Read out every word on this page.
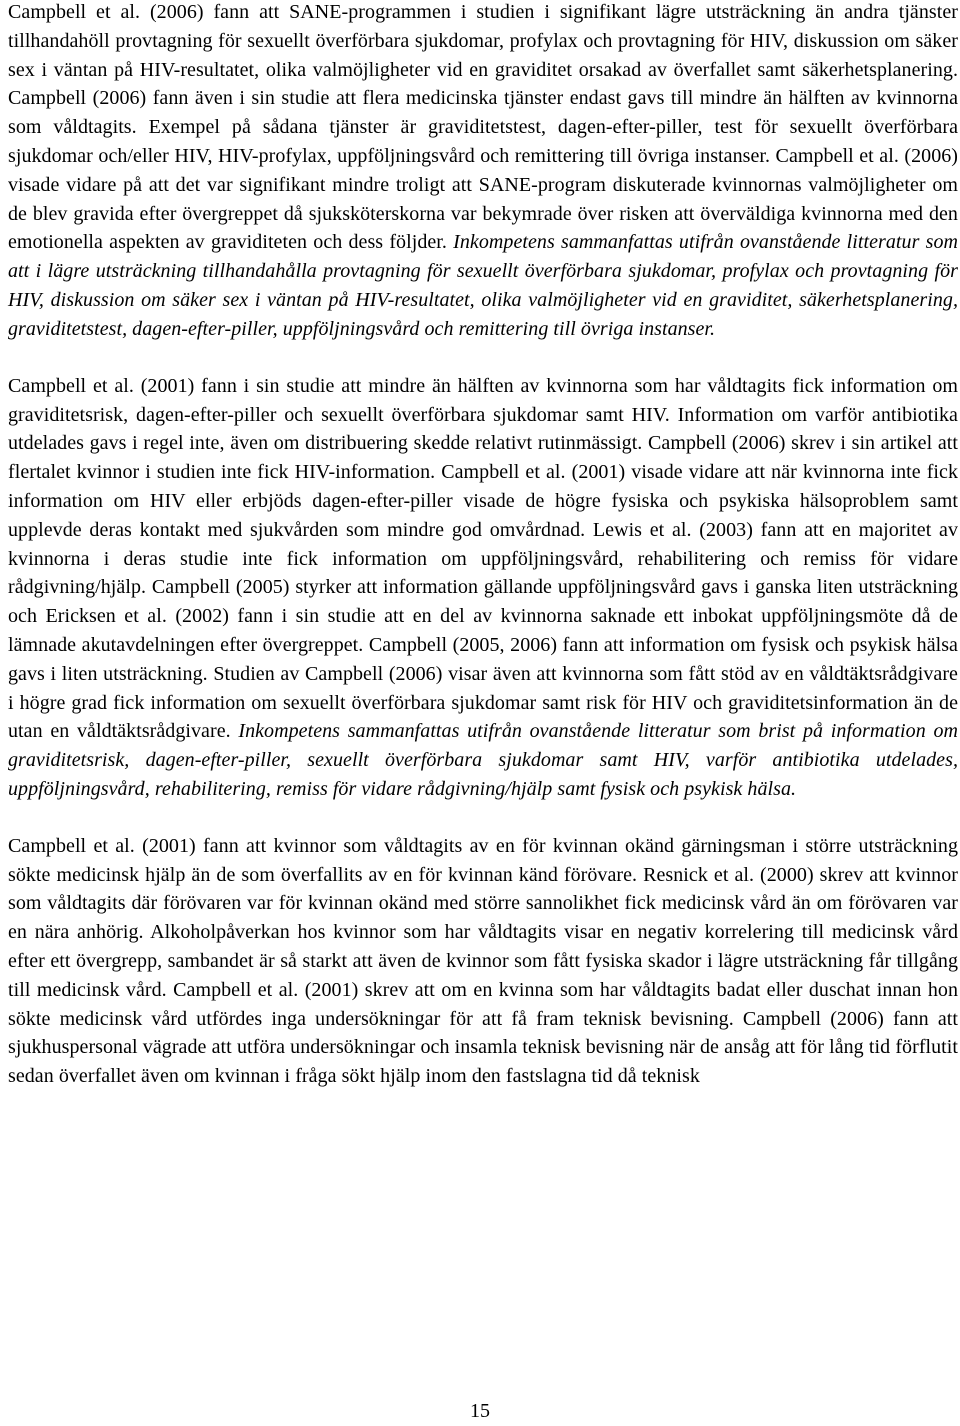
Campbell et al. (2006) fann att SANE-programmen i studien i signifikant lägre utsträckning än andra tjänster tillhandahöll provtagning för sexuellt överförbara sjukdomar, profylax och provtagning för HIV, diskussion om säker sex i väntan på HIV-resultatet, olika valmöjligheter vid en graviditet orsakad av överfallet samt säkerhetsplanering. Campbell (2006) fann även i sin studie att flera medicinska tjänster endast gavs till mindre än hälften av kvinnorna som våldtagits. Exempel på sådana tjänster är graviditetstest, dagen-efter-piller, test för sexuellt överförbara sjukdomar och/eller HIV, HIV-profylax, uppföljningsvård och remittering till övriga instanser. Campbell et al. (2006) visade vidare på att det var signifikant mindre troligt att SANE-program diskuterade kvinnornas valmöjligheter om de blev gravida efter övergreppet då sjuksköterskorna var bekymrade över risken att överväldiga kvinnorna med den emotionella aspekten av graviditeten och dess följder. Inkompetens sammanfattas utifrån ovanstående litteratur som att i lägre utsträckning tillhandahålla provtagning för sexuellt överförbara sjukdomar, profylax och provtagning för HIV, diskussion om säker sex i väntan på HIV-resultatet, olika valmöjligheter vid en graviditet, säkerhetsplanering, graviditetstest, dagen-efter-piller, uppföljningsvård och remittering till övriga instanser.

Campbell et al. (2001) fann i sin studie att mindre än hälften av kvinnorna som har våldtagits fick information om graviditetsrisk, dagen-efter-piller och sexuellt överförbara sjukdomar samt HIV. Information om varför antibiotika utdelades gavs i regel inte, även om distribuering skedde relativt rutinmässigt. Campbell (2006) skrev i sin artikel att flertalet kvinnor i studien inte fick HIV-information. Campbell et al. (2001) visade vidare att när kvinnorna inte fick information om HIV eller erbjöds dagen-efter-piller visade de högre fysiska och psykiska hälsoproblem samt upplevde deras kontakt med sjukvården som mindre god omvårdnad. Lewis et al. (2003) fann att en majoritet av kvinnorna i deras studie inte fick information om uppföljningsvård, rehabilitering och remiss för vidare rådgivning/hjälp. Campbell (2005) styrker att information gällande uppföljningsvård gavs i ganska liten utsträckning och Ericksen et al. (2002) fann i sin studie att en del av kvinnorna saknade ett inbokat uppföljningsmöte då de lämnade akutavdelningen efter övergreppet. Campbell (2005, 2006) fann att information om fysisk och psykisk hälsa gavs i liten utsträckning. Studien av Campbell (2006) visar även att kvinnorna som fått stöd av en våldtäktsrådgivare i högre grad fick information om sexuellt överförbara sjukdomar samt risk för HIV och graviditetsinformation än de utan en våldtäktsrådgivare. Inkompetens sammanfattas utifrån ovanstående litteratur som brist på information om graviditetsrisk, dagen-efter-piller, sexuellt överförbara sjukdomar samt HIV, varför antibiotika utdelades, uppföljningsvård, rehabilitering, remiss för vidare rådgivning/hjälp samt fysisk och psykisk hälsa.

Campbell et al. (2001) fann att kvinnor som våldtagits av en för kvinnan okänd gärningsman i större utsträckning sökte medicinsk hjälp än de som överfallits av en för kvinnan känd förövare. Resnick et al. (2000) skrev att kvinnor som våldtagits där förövaren var för kvinnan okänd med större sannolikhet fick medicinsk vård än om förövaren var en nära anhörig. Alkoholpåverkan hos kvinnor som har våldtagits visar en negativ korrelering till medicinsk vård efter ett övergrepp, sambandet är så starkt att även de kvinnor som fått fysiska skador i lägre utsträckning får tillgång till medicinsk vård. Campbell et al. (2001) skrev att om en kvinna som har våldtagits badat eller duschat innan hon sökte medicinsk vård utfördes inga undersökningar för att få fram teknisk bevisning. Campbell (2006) fann att sjukhuspersonal vägrade att utföra undersökningar och insamla teknisk bevisning när de ansåg att för lång tid förflutit sedan överfallet även om kvinnan i fråga sökt hjälp inom den fastslagna tid då teknisk

15
